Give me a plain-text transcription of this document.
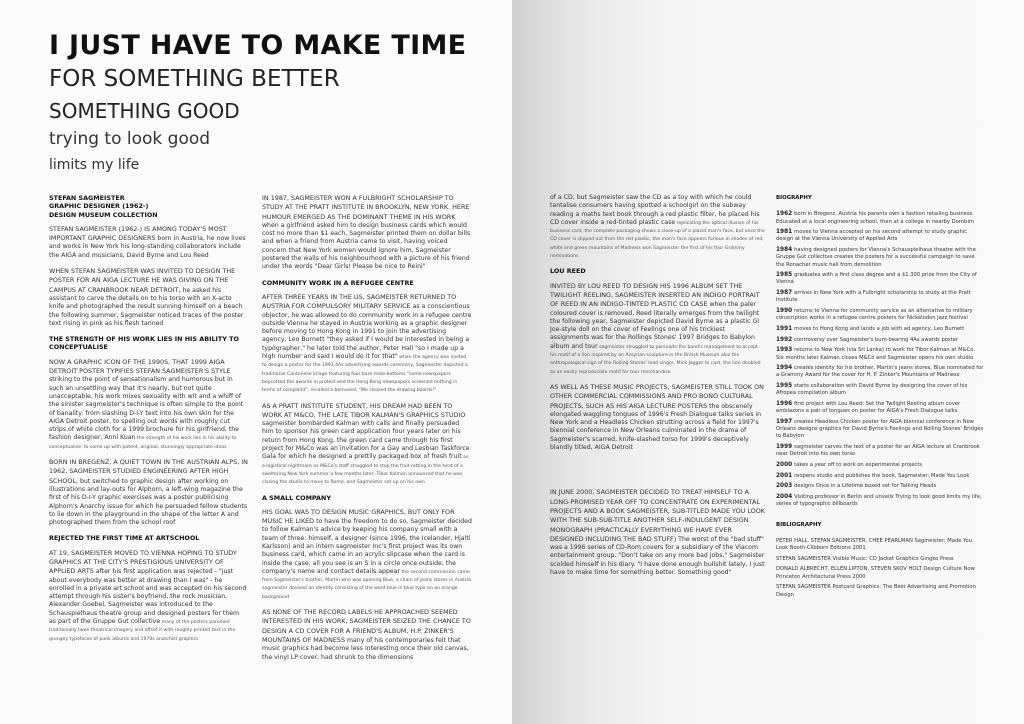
I JUST HAVE TO MAKE TIME
FOR SOMETHING BETTER
SOMETHING GOOD
trying to look good
limits my life

STEFAN SAGMEISTER
GRAPHIC DESIGNER (1962-)
DESIGN MUSEUM COLLECTION

STEFAN SAGMEISTER (1962-) IS AMONG TODAY'S MOST IMPORTANT GRAPHIC DESIGNERS born in Austria, he now lives and works in New York his long-standing collaborators include the AIGA and musicians, David Byrne and Lou Reed

WHEN STEFAN SAGMEISTER WAS INVITED TO DESIGN THE POSTER FOR AN AIGA LECTURE HE WAS GIVING ON THE CAMPUS AT CRANBROOK NEAR DETROIT, he asked his assistant to carve the details on to his torso with an X-acto knife and photographed the result sunning himself on a beach the following summer, Sagmeister noticed traces of the poster text rising in pink as his flesh tanned

THE STRENGTH OF HIS WORK LIES IN HIS ABILITY TO CONCEPTUALISE

NOW A GRAPHIC ICON OF THE 1990S, THAT 1999 AIGA DETROIT POSTER TYPIFIES STEFAN SAGMEISTER'S STYLE striking to the point of sensationalism and humorous but in such an unsettling way that it's nearly, but not quite unacceptable, his work mixes sexuality with wit and a whiff of the sinister sagmeister's technique is often simple to the point of banality: from slashing D-I-Y text into his own skin for the AIGA Detroit poster, to spelling out words with roughly cut strips of white cloth for a 1999 brochure for his girlfriend, the fashion designer, Anni Kuan the strength of his work lies in his ability to conceptualise: to come up with potent, original, stunningly appropriate ideas

BORN IN BREGENZ, A QUIET TOWN IN THE AUSTRIAN ALPS, IN 1962, SAGMEISTER STUDIED ENGINEERING AFTER HIGH SCHOOL, but switched to graphic design after working on illustrations and lay-outs for Alphorn, a left-wing magazine the first of his D-I-Y graphic exercises was a poster publicising Alphorn's Anarchy issue for which he persuaded fellow students to lie down in the playground in the shape of the letter A and photographed them from the school roof

REJECTED THE FIRST TIME AT ARTSCHOOL

AT 19, SAGMEISTER MOVED TO VIENNA HOPING TO STUDY GRAPHICS AT THE CITY'S PRESTIGIOUS UNIVERSITY OF APPLIED ARTS after his first application was rejected - "just about everybody was better at drawing than I was" - he enrolled in a private art school and was accepted on his second attempt through his sister's boyfriend, the rock musician, Alexander Goebel, Sagmeister was introduced to the Schauspielhaus theatre group and designed posters for them as part of the Gruppe Gut collective many of the posters parodied traditionally twee theatrical imagery and offset it with roughly printed text in the grungey typefaces of punk albums and 1970s anarchist graphics

IN 1987, SAGMEISTER WON A FULBRIGHT SCHOLARSHIP TO STUDY AT THE PRATT INSTITUTE IN BROOKLYN, NEW YORK. HERE HUMOUR EMERGED AS THE DOMINANT THEME IN HIS WORK when a girlfriend asked him to design business cards which would cost no more than $1 each, Sagmeister printed them on dollar bills and when a friend from Austria came to visit, having voiced concern that New York women would ignore him, Sagmeister postered the walls of his neighbourhood with a picture of his friend under the words "Dear Girls! Please be nice to Reini"

COMMUNITY WORK IN A REFUGEE CENTRE

AFTER THREE YEARS IN THE US, SAGMEISTER RETURNED TO AUSTRIA FOR COMPULSORY MILITARY SERVICE as a conscientious objector, he was allowed to do community work in a refugee centre outside Vienna he stayed in Austria working as a graphic designer before moving to Hong Kong in 1991 to join the advertising agency, Leo Burnett "they asked if I would be interested in being a typographer," he later told the author, Peter Hall "so I made up a high number and said I would do it for that" when the agency was invited to design a poster for the 1993 4As advertising awards ceremony, Sagmeister depicted a traditional Cantonese image featuring four bare male bottoms "some newspapers boycotted the awards in protest and the Hong Kong newspapers screened nothing in terms of complaint", recalled a bemused, "We cleared the drawing boards!"

AS A PRATT INSTITUTE STUDENT, HIS DREAM HAD BEEN TO WORK AT M&CO, THE LATE TIBOR KALMAN'S GRAPHICS STUDIO sagmeister bombarded Kalman with calls and finally persuaded him to sponsor his green card application four years later on his return from Hong Kong, the green card came through his first project for M&Co was an invitation for a Gay and Lesbian Taskforce Gala for which he designed a prettily packaged box of fresh fruit as a logistical nightmare as M&Co's staff struggled to stop the fruit rotting in the heat of a sweltering New York summer a few months later, Tibor Kalman announced that he was closing the studio to move to Rome, and Sagmeister set up on his own

A SMALL COMPANY

HIS GOAL WAS TO DESIGN MUSIC GRAPHICS, BUT ONLY FOR MUSIC HE LIKED to have the freedom to do so, Sagmeister decided to follow Kalman's advice by keeping his company small with a team of three: himself, a designer (since 1996, the Icelander, Hjalti Karlsson) and an intern sagmeister Inc's first project was its own business card, which came in an acrylic slipcase when the card is inside the case, all you see is an S in a circle once outside, the company's name and contact details appear the second commission came from Sagmeister's brother, Martin who was opening Blue, a chain of jeans stores in Austria sagmeister devised an identity consisting of the word blue in blue type on an orange background

AS NONE OF THE RECORD LABELS HE APPROACHED SEEMED INTERESTED IN HIS WORK, SAGMEISTER SEIZED THE CHANCE TO DESIGN A CD COVER FOR A FRIEND'S ALBUM, H.P. ZINKER'S MOUNTAINS OF MADNESS many of his contemporaries felt that music graphics had become less interesting once their old canvas, the vinyl LP cover, had shrunk to the dimensions

of a CD, but Sagmeister saw the CD as a toy with which he could tantalise consumers having spotted a schoolgirl on the subway reading a maths text book through a red plastic filter, he placed his CD cover inside a red-tinted plastic case replicating the optical illusion of his business card, the complete packaging shows a close-up of a placid man's face, but once the CD cover is slipped out from the red plastic, the man's face appears furious in shades of red, white and green mountains of Madness won Sagmeister the first of his four Grammy nominations

LOU REED

INVITED BY LOU REED TO DESIGN HIS 1996 ALBUM SET THE TWILIGHT REELING, SAGMEISTER INSERTED AN INDIGO PORTRAIT OF REED IN AN INDIGO-TINTED PLASTIC CD CASE when the paler coloured cover is removed, Reed literally emerges from the twilight the following year, Sagmeister depicted David Byrne as a plastic GI Joe-style doll on the cover of Feelings one of his trickiest assignments was for the Rollings Stones' 1997 Bridges to Babylon album and tour sagmeister struggled to persuade the band's management to accept his motif of a lion inspired by an Assyrian sculpture in the British Museum also the anthropological sign of the Rolling Stones' lead singer, Mick Jagger to cast, the lion doubled as an easily reproducible motif for tour merchandise

AS WELL AS THESE MUSIC PROJECTS, SAGMEISTER STILL TOOK ON OTHER COMMERCIAL COMMISSIONS AND PRO BONO CULTURAL PROJECTS, SUCH AS HIS AIGA LECTURE POSTERS the obscenely elongated waggling tongues of 1996's Fresh Dialogue talks series in New York and a Headless Chicken strutting across a field for 1997's biennial conference in New Orleans culminated in the drama of Sagmeister's scarred, knife-slashed torso for 1999's deceptively blandly titled, AIGA Detroit

IN JUNE 2000, SAGMEISTER DECIDED TO TREAT HIMSELF TO A LONG-PROMISED YEAR OFF TO CONCENTRATE ON EXPERIMENTAL PROJECTS AND A BOOK SAGMEISTER, SUB-TITLED MADE YOU LOOK WITH THE SUB-SUB-TITLE ANOTHER SELF-INDULGENT DESIGN MONOGRAPH (PRACTICALLY EVERYTHING WE HAVE EVER DESIGNED INCLUDING THE BAD STUFF) The worst of the "bad stuff" was a 1996 series of CD-Rom covers for a subsidiary of the Viacom entertainment group. "Don't take on any more bad jobs," Sagmeister scolded himself in his diary. "I have done enough bullshit lately, I just have to make time for something better. Something good"

BIOGRAPHY

1962 born in Bregenz, Austria his parents own a fashion retailing business. Educated at a local engineering school, then at a college in nearby Dornbirn

1981 moves to Vienna accepted on his second attempt to study graphic design at the Vienna University of Applied Arts

1984 having designed posters for Vienna's Schauspielhaus theatre with the Gruppe Gut collective creates the posters for a successful campaign to save the Ronacher music hall from demolition

1985 graduates with a first class degree and a $1,300 prize from the City of Vienna

1987 arrives in New York with a Fulbright scholarship to study at the Pratt Institute

1990 returns to Vienna for community service as an alternative to military conscription works in a refugee centre posters for Nickelodon jazz festival

1991 moves to Hong Kong and lands a job with ad agency, Leo Burnett

1992 controversy over Sagmeister's bum-bearing 4As awards poster

1993 returns to New York (via Sri Lanka) to work for Tibor Kalman at M&Co. Six months later Kalman closes M&Co and Sagmeister opens his own studio

1994 creates identity for his brother, Martin's jeans stores, Blue nominated for a Grammy Award for the cover for H. P. Zinker's Mountains of Madness

1995 starts collaboration with David Byrne by designing the cover of his Afropea compilation album

1996 first project with Lou Reed: Set the Twilight Reeling album cover emblazons a pair of tongues on poster for AIGA's Fresh Dialogue talks

1997 creates Headless Chicken poster for AIGA biennial conference in New Orleans designs graphics for David Byrne's Feelings and Rolling Stones' Bridges to Babylon

1999 sagmeister carves the text of a poster for an AIGA lecture at Cranbrook near Detroit into his own torso

2000 takes a year off to work on experimental projects

2001 reopens studio and publishes the book, Sagmeister: Made You Look

2003 designs Once in a Lifetime boxed set for Talking Heads

2004 Visiting professor in Berlin and unveils Trying to look good limits my life, series of typographic billboards

BIBLIOGRAPHY

PETER HALL, STEFAN SAGMEISTER, CHEE PEARLMAN Sagmeister: Made You Look Booth-Clibborn Editions 2001

STEFAN SAGMEISTER Visible Music: CD Jacket Graphics Gingko Press

DONALD ALBRECHT, ELLEN LIPTON, STEVEN SKOV HOLT Design Culture Now Princeton Architectural Press 2000

STEFAN SAGMEISTER Postcard Graphics: The Best Advertising and Promotion Design
